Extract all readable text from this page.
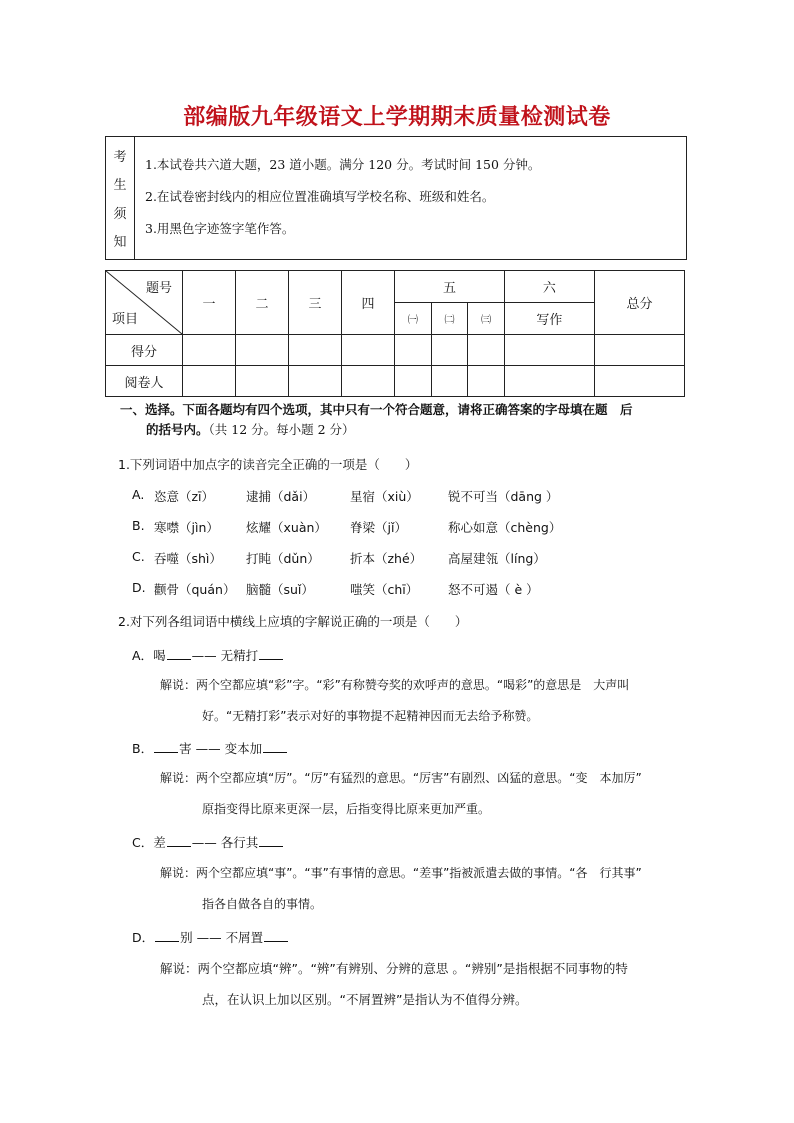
部编版九年级语文上学期期末质量检测试卷
考
生
须
知
1.本试卷共六道大题，23 道小题。满分 120 分。考试时间 150 分钟。
2.在试卷密封线内的相应位置准确填写学校名称、班级和姓名。
3.用黑色字迹签字笔作答。
题号
项目	一	二	三	四	五			六	总分
					㈠	㈡	㈢	写作	
得分									
阅卷人									
一、选择。下面各题均有四个选项，其中只有一个符合题意，请将正确答案的字母填在题　后
的括号内。（共 12 分。每小题 2 分）
1.下列词语中加点字的读音完全正确的一项是（　　）
A. 恣意（zī）	逮捕（dǎi）	星宿（xiù） 锐不可当（dāng ）
B. 寒噤（jìn） 炫耀（xuàn） 脊梁（jǐ）	称心如意（chèng）
C. 吞噬（shì） 打盹（dǔn） 折本（zhé） 高屋建瓴（líng）
D. 颧骨（quán） 脑髓（suǐ）	嗤笑（chī） 怒不可遏（ è ）
2.对下列各组词语中横线上应填的字解说正确的一项是（　　）
A．喝 —— 无精打
解说：两个空都应填“彩”字。“彩”有称赞夸奖的欢呼声的意思。“喝彩”的意思是　大声叫
好。“无精打彩”表示对好的事物提不起精神因而无去给予称赞。
B． 害 —— 变本加
解说：两个空都应填“厉”。“厉”有猛烈的意思。“厉害”有剧烈、凶猛的意思。“变　本加厉”
原指变得比原来更深一层，后指变得比原来更加严重。
C．差 —— 各行其
解说：两个空都应填“事”。“事”有事情的意思。“差事”指被派遣去做的事情。“各　行其事”
指各自做各自的事情。
D． 别 —— 不屑置
解说：两个空都应填“辨”。“辨”有辨别、分辨的意思 。“辨别”是指根据不同事物的特
点，在认识上加以区别。“不屑置辨”是指认为不值得分辨。
